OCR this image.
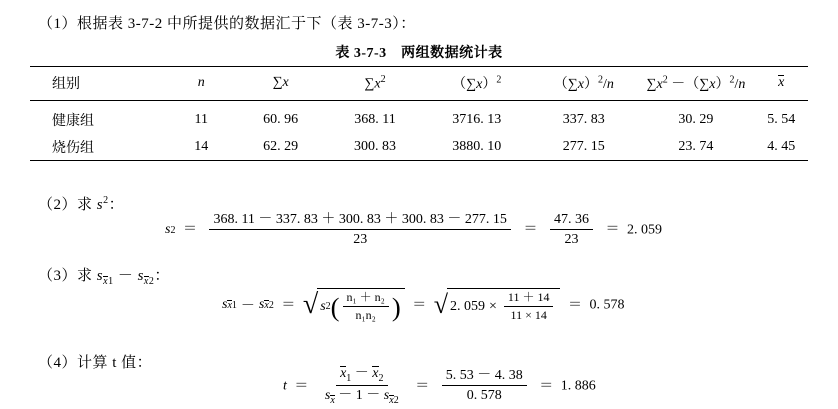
（1）根据表 3-7-2 中所提供的数据汇于下（表 3-7-3）：
表 3-7-3　两组数据统计表
组别	n	∑x	$\sum x^2$	$(\sum x)^2$	$(\sum x)^2/n$	$\sum x^2 -(\sum x)^2/n$	x
健康组	11	60. 96	368. 11	3716. 13	337. 83	30. 29	5. 54
烧伤组	14	62. 29	300. 83	3880. 10	277. 15	23. 74	4. 45
（2）求 $s^2$：
s $2 = \frac{368. 11 - 337. 83 + 300. 83 + 300. 83 - 277. 15}{23} = \frac{47. 36}{23} = 2$. 059
（3）求 $s_{x1} - s_{x2}$：
s x1 － s x2 ＝ √ s 2 ( $\frac{\text{n₁ ＋ n₂}}{\text{n₁n₂}}$ ) ＝ √ 2. $059 \times \frac{11 + 14}{11 \times 14} = 0$. 578
（4）计算 t 值：
$t = \frac{x_1 - x_2}{s_x - 1 - s_{x2}} = \frac{5. 53 - 4. 38}{0. 578} = 1$. 886
